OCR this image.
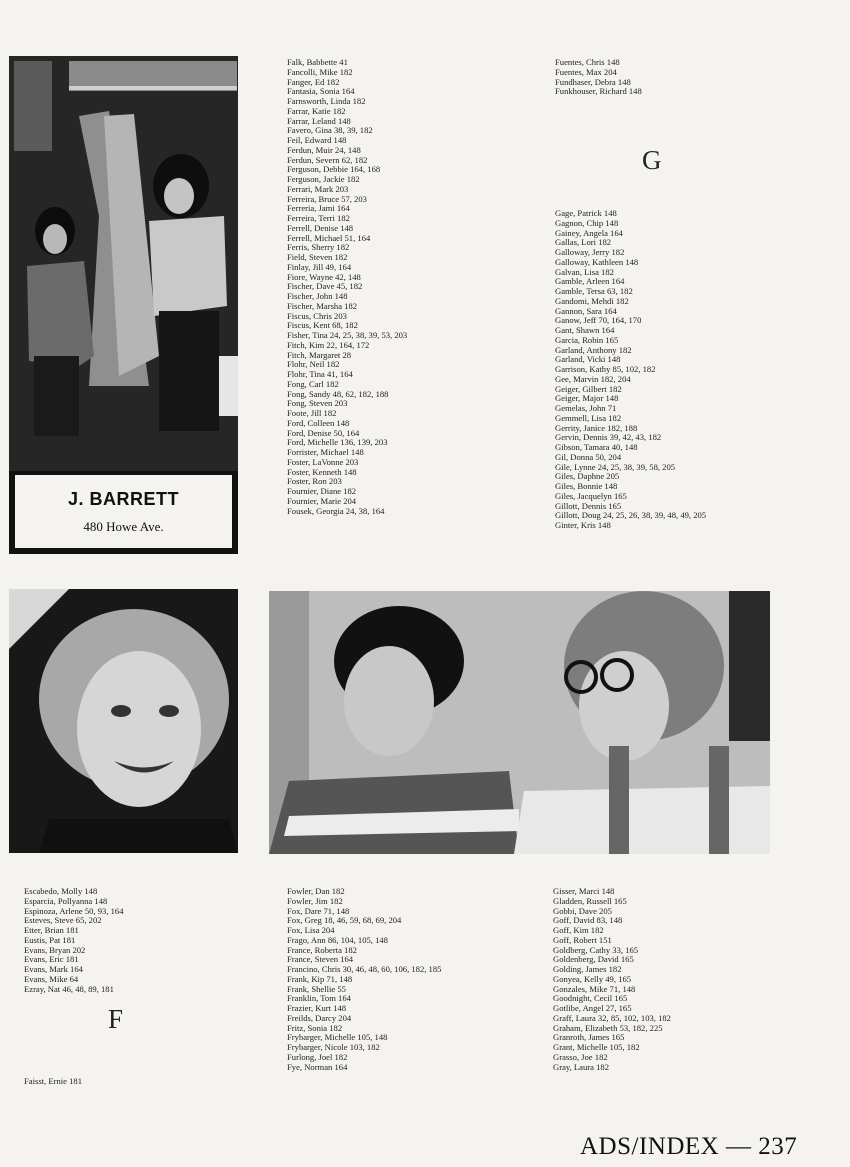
Falk, Babbette 41
Fancolli, Mike 182
Fanger, Ed 182
Fantasia, Sonia 164
Farnsworth, Linda 182
Farrar, Katie 182
Farrar, Leland 148
Favero, Gina 38, 39, 182
Feil, Edward 148
Ferdun, Muir 24, 148
Ferdun, Severn 62, 182
Ferguson, Debbie 164, 168
Ferguson, Jackie 182
Ferrari, Mark 203
Ferreira, Bruce 57, 203
Ferreria, Jami 164
Ferreira, Terri 182
Ferrell, Denise 148
Ferrell, Michael 51, 164
Ferris, Sherry 182
Field, Steven 182
Finlay, Jill 49, 164
Fiore, Wayne 42, 148
Fischer, Dave 45, 182
Fischer, John 148
Fischer, Marsha 182
Fiscus, Chris 203
Fiscus, Kent 68, 182
Fisher, Tina 24, 25, 38, 39, 53, 203
Fitch, Kim 22, 164, 172
Fitch, Margaret 28
Flohr, Neil 182
Flohr, Tina 41, 164
Fong, Carl 182
Fong, Sandy 48, 62, 182, 188
Fong, Steven 203
Foote, Jill 182
Ford, Colleen 148
Ford, Denise 50, 164
Ford, Michelle 136, 139, 203
Forrister, Michael 148
Foster, LaVonne 203
Foster, Kenneth 148
Foster, Ron 203
Fournier, Diane 182
Fournier, Marie 204
Fousek, Georgia 24, 38, 164
Fuentes, Chris 148
Fuentes, Max 204
Fundhaser, Debra 148
Funkhouser, Richard 148
G
Gage, Patrick 148
Gagnon, Chip 148
Gainey, Angela 164
Gallas, Lori 182
Galloway, Jerry 182
Galloway, Kathleen 148
Galvan, Lisa 182
Gamble, Arleen 164
Gamble, Tersa 63, 182
Gandomi, Mehdi 182
Gannon, Sara 164
Ganow, Jeff 70, 164, 170
Gant, Shawn 164
Garcia, Robin 165
Garland, Anthony 182
Garland, Vicki 148
Garrison, Kathy 85, 102, 182
Gee, Marvin 182, 204
Geiger, Gilbert 182
Geiger, Major 148
Gemelas, John 71
Gemmell, Lisa 182
Gerrity, Janice 182, 188
Gervin, Dennis 39, 42, 43, 182
Gibson, Tamara 40, 148
Gil, Donna 50, 204
Gile, Lynne 24, 25, 38, 39, 58, 205
Giles, Daphne 205
Giles, Bonnie 148
Giles, Jacquelyn 165
Gillott, Dennis 165
Gillott, Doug 24, 25, 26, 38, 39, 48, 49, 205
Ginter, Kris 148
J. BARRETT
480 Howe Ave.
Escabedo, Molly 148
Esparcia, Pollyanna 148
Espinoza, Arlene 50, 93, 164
Esteves, Steve 65, 202
Etter, Brian 181
Eustis, Pat 181
Evans, Bryan 202
Evans, Eric 181
Evans, Mark 164
Evans, Mike 64
Ezray, Nat 46, 48, 89, 181
F
Faisst, Ernie 181
Fowler, Dan 182
Fowler, Jim 182
Fox, Dare 71, 148
Fox, Greg 18, 46, 59, 68, 69, 204
Fox, Lisa 204
Frago, Ann 86, 104, 105, 148
France, Roberta 182
France, Steven 164
Francino, Chris 30, 46, 48, 60, 106, 182, 185
Frank, Kip 71, 148
Frank, Shellie 55
Franklin, Tom 164
Frazier, Kurt 148
Freilds, Darcy 204
Fritz, Sonia 182
Frybarger, Michelle 105, 148
Frybarger, Nicole 103, 182
Furlong, Joel 182
Fye, Norman 164
Gisser, Marci 148
Gladden, Russell 165
Gobbi, Dave 205
Goff, David 83, 148
Goff, Kim 182
Goff, Robert 151
Goldberg, Cathy 33, 165
Goldenberg, David 165
Golding, James 182
Gonyea, Kelly 49, 165
Gonzales, Mike 71, 148
Goodnight, Cecil 165
Gotlibe, Angel 27, 165
Graff, Laura 32, 85, 102, 103, 182
Graham, Elizabeth 53, 182, 225
Granroth, James 165
Grant, Michelle 105, 182
Grasso, Joe 182
Gray, Laura 182
ADS/INDEX — 237
